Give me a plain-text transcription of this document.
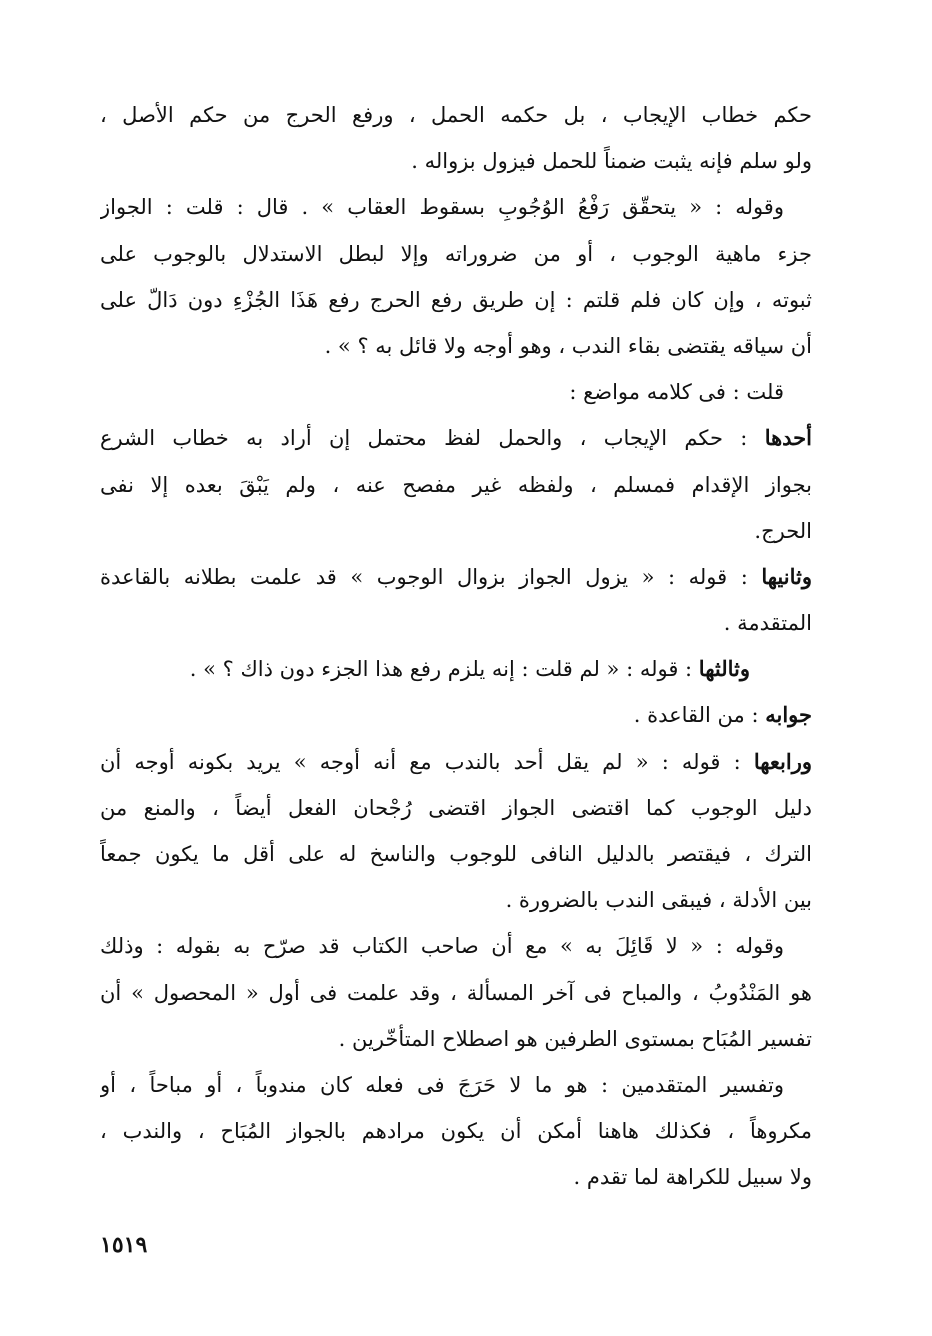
حكم خطاب الإيجاب ، بل حكمه الحمل ، ورفع الحرج من حكم الأصل ،
ولو سلم فإنه يثبت ضمناً للحمل فيزول بزواله .
وقوله : « يتحقّق رَفْعُ الوُجُوبِ بسقوط العقاب » . قال : قلت : الجواز
جزء ماهية الوجوب ، أو من ضروراته وإلا لبطل الاستدلال بالوجوب على
ثبوته ، وإن كان فلم قلتم : إن طريق رفع الحرج رفع هَذَا الجُزْءِ دون دَالّ على
أن سياقه يقتضى بقاء الندب ، وهو أوجه ولا قائل به ؟ » .
قلت : فى كلامه مواضع :
أحدها : حكم الإيجاب ، والحمل لفظ محتمل إن أراد به خطاب الشرع
بجواز الإقدام فمسلم ، ولفظه غير مفصح عنه ، ولم يَبْقَ بعده إلا نفى
الحرج.
وثانيها : قوله : « يزول الجواز بزوال الوجوب » قد علمت بطلانه بالقاعدة
المتقدمة .
وثالثها : قوله : « لم قلت : إنه يلزم رفع هذا الجزء دون ذاك ؟ » .
جوابه : من القاعدة .
ورابعها : قوله : « لم يقل أحد بالندب مع أنه أوجه » يريد بكونه أوجه أن
دليل الوجوب كما اقتضى الجواز اقتضى رُجْحان الفعل أيضاً ، والمنع من
الترك ، فيقتصر بالدليل النافى للوجوب والناسخ له على أقل ما يكون جمعاً
بين الأدلة ، فيبقى الندب بالضرورة .
وقوله : « لا قَائِلَ به » مع أن صاحب الكتاب قد صرّح به بقوله : وذلك
هو المَنْدُوبُ ، والمباح فى آخر المسألة ، وقد علمت فى أول « المحصول » أن
تفسير المُبَاح بمستوى الطرفين هو اصطلاح المتأخّرين .
وتفسير المتقدمين : هو ما لا حَرَجَ فى فعله كان مندوباً ، أو مباحاً ، أو
مكروهاً ، فكذلك هاهنا أمكن أن يكون مرادهم بالجواز المُبَاح ، والندب ،
ولا سبيل للكراهة لما تقدم .
١٥١٩
